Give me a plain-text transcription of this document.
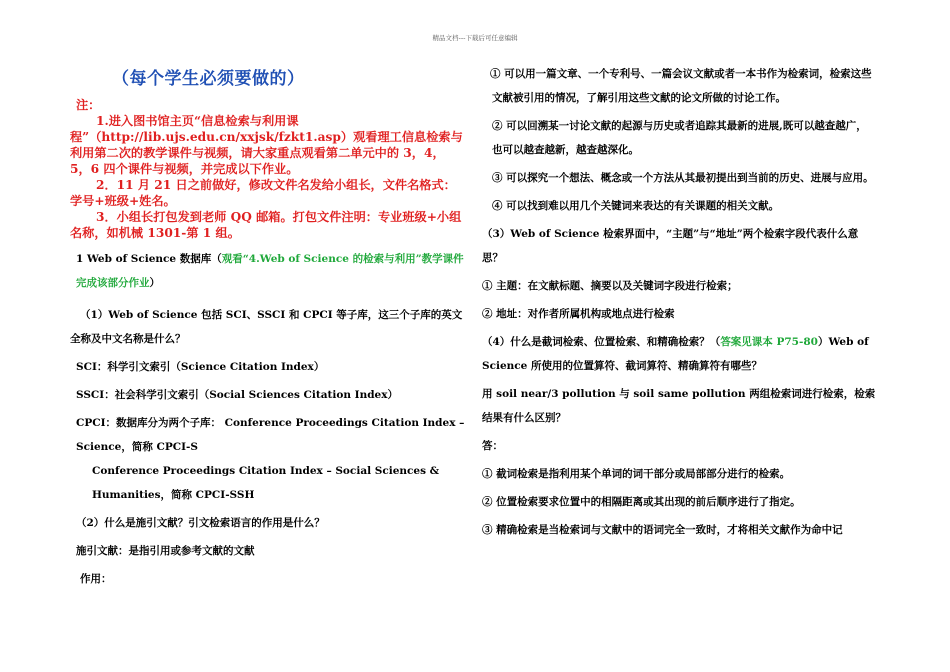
精品文档---下载后可任意编辑
（每个学生必须要做的）
注：
1.进入图书馆主页“信息检索与利用课程”（http://lib.ujs.edu.cn/xxjsk/fzkt1.asp）观看理工信息检索与利用第二次的教学课件与视频，请大家重点观看第二单元中的 3，4，5，6 四个课件与视频，并完成以下作业。
2．11 月 21 日之前做好，修改文件名发给小组长，文件名格式：学号+班级+姓名。
3．小组长打包发到老师 QQ 邮箱。打包文件注明：专业班级+小组名称，如机械 1301-第 1 组。
1 Web of Science 数据库（观看“4.Web of Science 的检索与利用”教学课件完成该部分作业）
（1）Web of Science 包括 SCI、SSCI 和 CPCI 等子库，这三个子库的英文全称及中文名称是什么？
SCI：科学引文索引（Science Citation Index）
SSCI：社会科学引文索引（Social Sciences Citation Index）
CPCI：数据库分为两个子库： Conference Proceedings Citation Index – Science，简称 CPCI-S
Conference Proceedings Citation Index – Social Sciences & Humanities，简称 CPCI-SSH
（2）什么是施引文献？引文检索语言的作用是什么？
施引文献：是指引用或参考文献的文献
作用：
① 可以用一篇文章、一个专利号、一篇会议文献或者一本书作为检索词，检索这些文献被引用的情况，了解引用这些文献的论文所做的讨论工作。
② 可以回溯某一讨论文献的起源与历史或者追踪其最新的进展,既可以越查越广，也可以越查越新，越查越深化。
③ 可以探究一个想法、概念或一个方法从其最初提出到当前的历史、进展与应用。
④ 可以找到难以用几个关键词来表达的有关课题的相关文献。
（3）Web of Science 检索界面中，“主题”与“地址”两个检索字段代表什么意思？
① 主题：在文献标题、摘要以及关键词字段进行检索；
② 地址：对作者所属机构或地点进行检索
（4）什么是截词检索、位置检索、和精确检索？（答案见课本 P75-80）Web of Science 所使用的位置算符、截词算符、精确算符有哪些？
用 soil near/3 pollution 与 soil same pollution 两组检索词进行检索，检索结果有什么区别？
答：
① 截词检索是指利用某个单词的词干部分或局部部分进行的检索。
② 位置检索要求位置中的相隔距离或其出现的前后顺序进行了指定。
③ 精确检索是当检索词与文献中的语词完全一致时，才将相关文献作为命中记
